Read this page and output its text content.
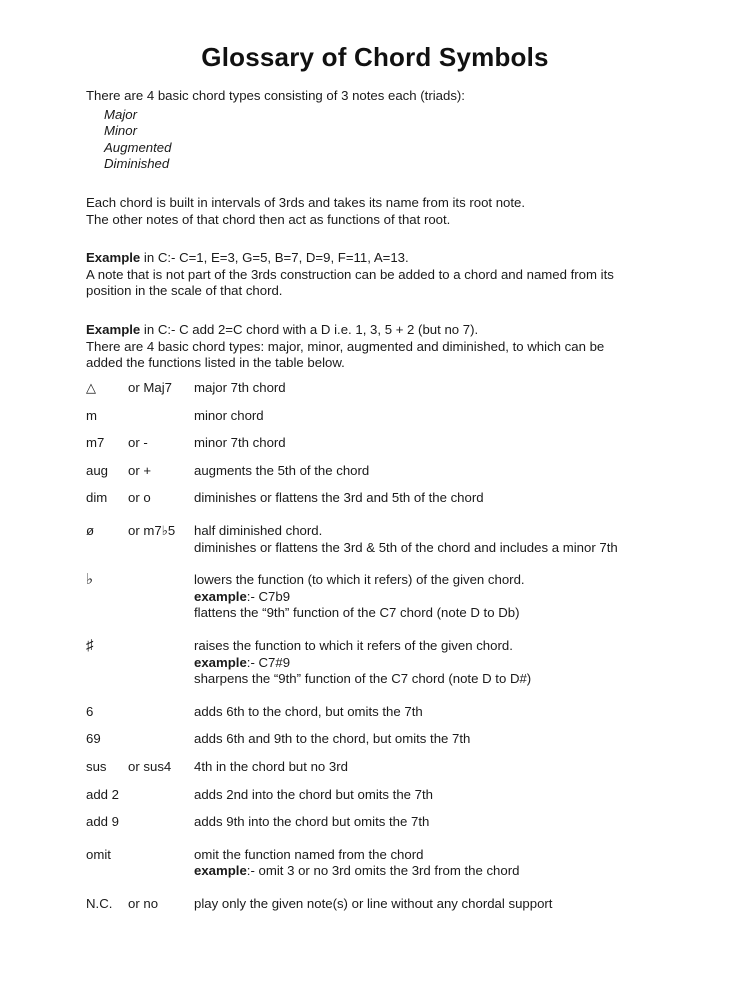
Glossary of Chord Symbols
There are 4 basic chord types consisting of 3 notes each (triads):
Major
Minor
Augmented
Diminished
Each chord is built in intervals of 3rds and takes its name from its root note.
The other notes of that chord then act as functions of that root.
Example in C:- C=1, E=3, G=5, B=7, D=9, F=11, A=13.
A note that is not part of the 3rds construction can be added to a chord and named from its
position in the scale of that chord.
Example in C:- C add 2=C chord with a D i.e. 1, 3, 5 + 2 (but no 7).
There are 4 basic chord types: major, minor, augmented and diminished, to which can be
added the functions listed in the table below.
△	or Maj7	major 7th chord

m		minor chord

m7	or -	minor 7th chord

aug	or +	augments the 5th of the chord

dim	or o	diminishes or flattens the 3rd and 5th of the chord

ø	or m7♭5	half diminished chord.
diminishes or flattens the 3rd & 5th of the chord and includes a minor 7th

♭		lowers the function (to which it refers) of the given chord.
example:- C7b9
flattens the “9th” function of the C7 chord (note D to Db)

♯		raises the function to which it refers of the given chord.
example:- C7#9
sharpens the “9th” function of the C7 chord (note D to D#)

6		adds 6th to the chord, but omits the 7th

69		adds 6th and 9th to the chord, but omits the 7th

sus	or sus4	4th in the chord but no 3rd

add 2		adds 2nd into the chord but omits the 7th

add 9		adds 9th into the chord but omits the 7th

omit		omit the function named from the chord
example:- omit 3 or no 3rd omits the 3rd from the chord

N.C.	or no	play only the given note(s) or line without any chordal support
